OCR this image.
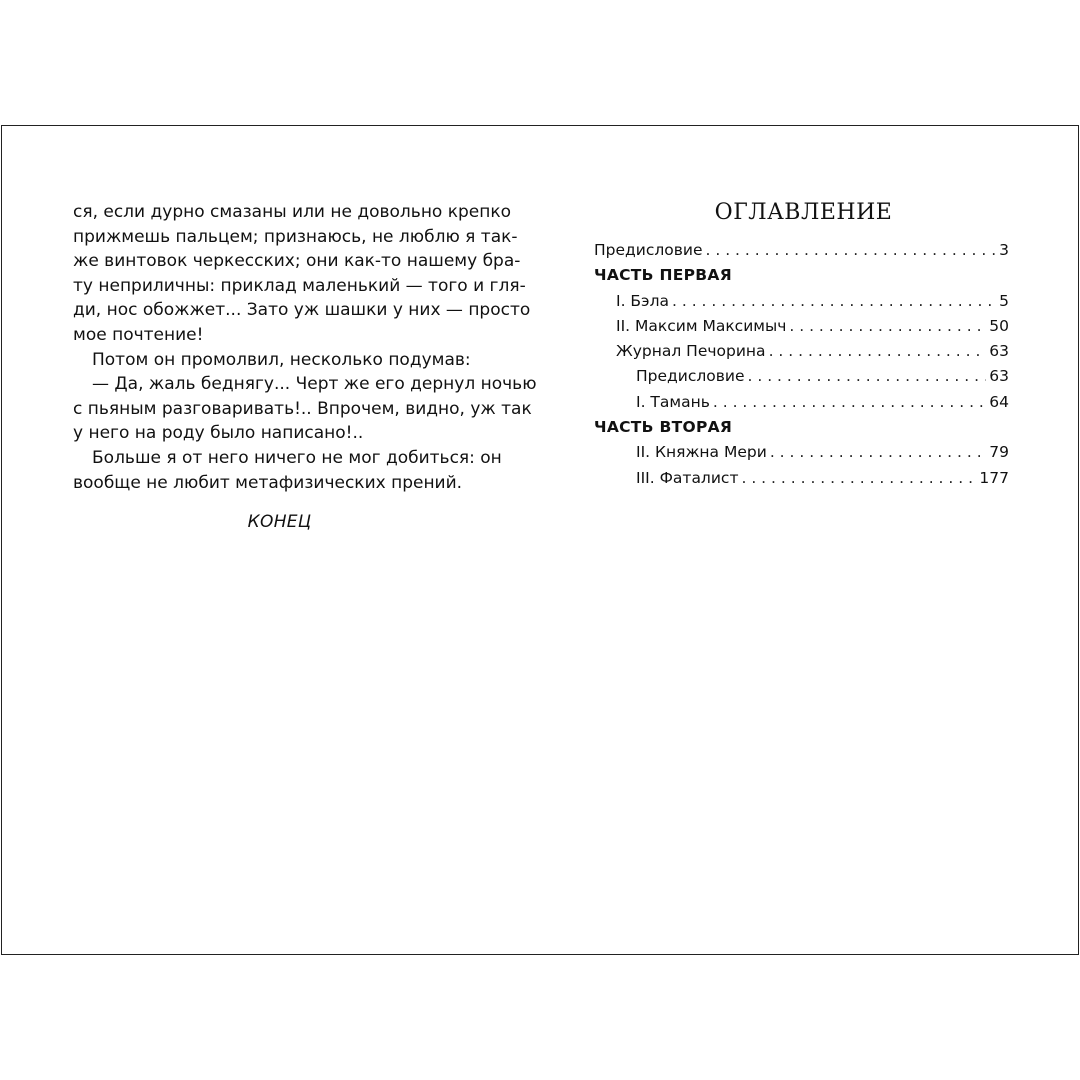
ся, если дурно смазаны или не довольно крепко
прижмешь пальцем; признаюсь, не люблю я так-
же винтовок черкесских; они как-то нашему бра-
ту неприличны: приклад маленький — того и гля-
ди, нос обожжет... Зато уж шашки у них — просто
мое почтение!
Потом он промолвил, несколько подумав:
— Да, жаль беднягу... Черт же его дернул ночью
с пьяным разговаривать!.. Впрочем, видно, уж так
у него на роду было написано!..
Больше я от него ничего не мог добиться: он
вообще не любит метафизических прений.
КОНЕЦ
ОГЛАВЛЕНИЕ
Предисловие . . .	3
ЧАСТЬ ПЕРВАЯ
I. Бэла . . .	5
II. Максим Максимыч . . .	50
Журнал Печорина . . .	63
Предисловие . . .	63
I. Тамань . . .	64
ЧАСТЬ ВТОРАЯ
II. Княжна Мери . . .	79
III. Фаталист . . .	177
